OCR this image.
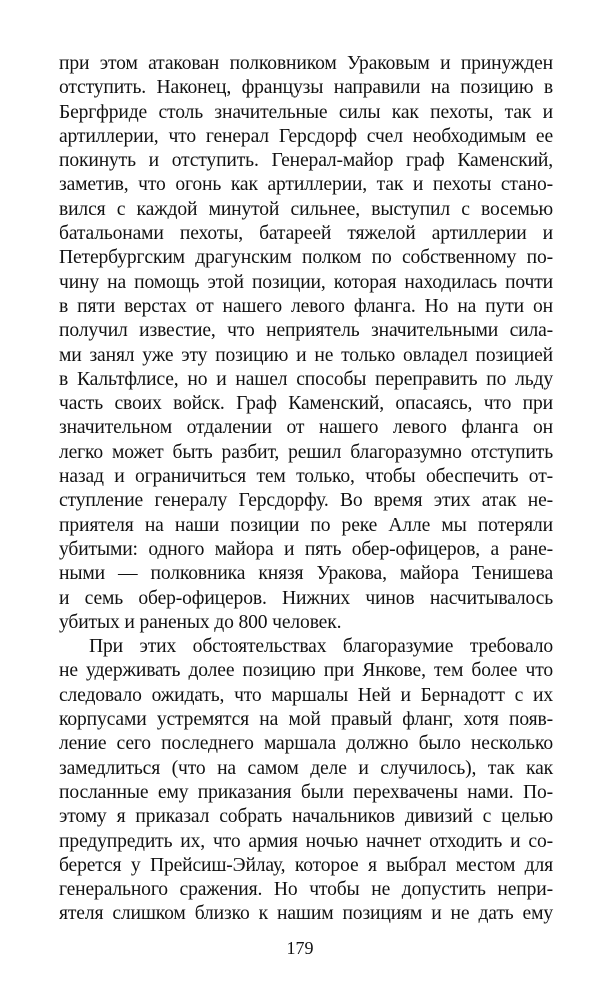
при этом атакован полковником Ураковым и принужден
отступить. Наконец, французы направили на позицию в
Бергфриде столь значительные силы как пехоты, так и
артиллерии, что генерал Герсдорф счел необходимым ее
покинуть и отступить. Генерал-майор граф Каменский,
заметив, что огонь как артиллерии, так и пехоты стано-
вился с каждой минутой сильнее, выступил с восемью
батальонами пехоты, батареей тяжелой артиллерии и
Петербургским драгунским полком по собственному по-
чину на помощь этой позиции, которая находилась почти
в пяти верстах от нашего левого фланга. Но на пути он
получил известие, что неприятель значительными сила-
ми занял уже эту позицию и не только овладел позицией
в Кальтфлисе, но и нашел способы переправить по льду
часть своих войск. Граф Каменский, опасаясь, что при
значительном отдалении от нашего левого фланга он
легко может быть разбит, решил благоразумно отступить
назад и ограничиться тем только, чтобы обеспечить от-
ступление генералу Герсдорфу. Во время этих атак не-
приятеля на наши позиции по реке Алле мы потеряли
убитыми: одного майора и пять обер-офицеров, а ране-
ными — полковника князя Уракова, майора Тенишева
и семь обер-офицеров. Нижних чинов насчитывалось
убитых и раненых до 800 человек.
При этих обстоятельствах благоразумие требовало
не удерживать долее позицию при Янкове, тем более что
следовало ожидать, что маршалы Ней и Бернадотт с их
корпусами устремятся на мой правый фланг, хотя появ-
ление сего последнего маршала должно было несколько
замедлиться (что на самом деле и случилось), так как
посланные ему приказания были перехвачены нами. По-
этому я приказал собрать начальников дивизий с целью
предупредить их, что армия ночью начнет отходить и со-
берется у Прейсиш-Эйлау, которое я выбрал местом для
генерального сражения. Но чтобы не допустить непри-
ятеля слишком близко к нашим позициям и не дать ему
179
